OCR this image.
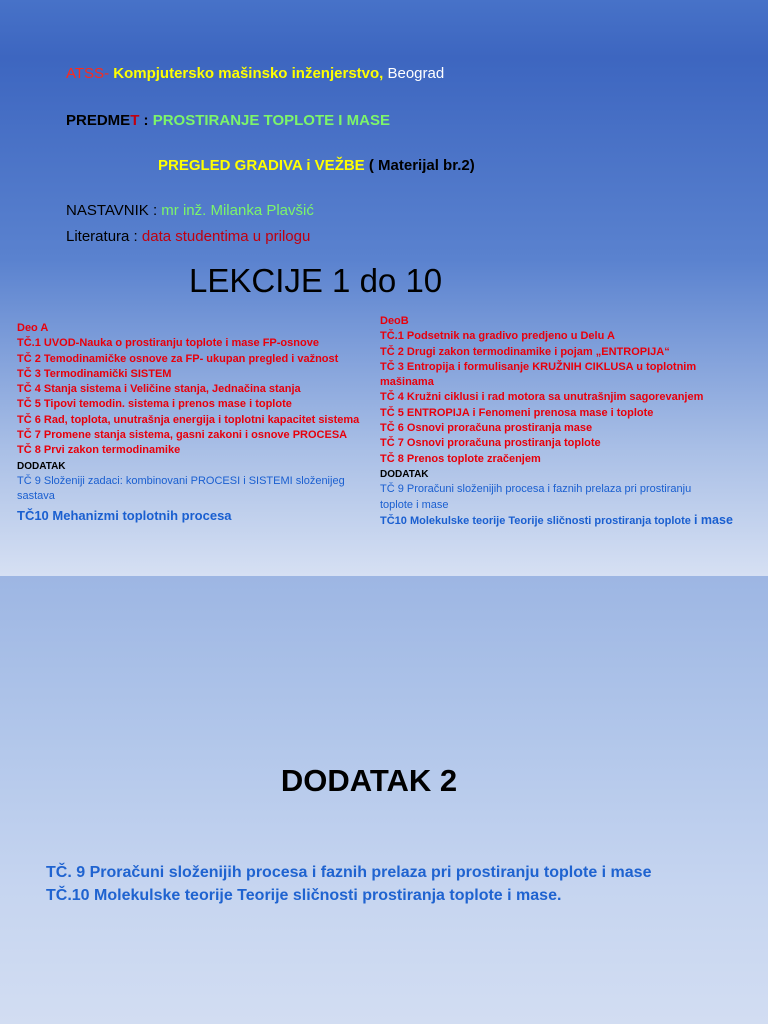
ATSS- Kompjutersko mašinsko inženjerstvo, Beograd
PREDMET : PROSTIRANJE TOPLOTE I MASE
PREGLED GRADIVA i VEŽBE ( Materijal br.2)
NASTAVNIK : mr inž. Milanka Plavšić
Literatura : data studentima u prilogu
LEKCIJE 1 do 10
Deo A
TČ.1 UVOD-Nauka o prostiranju toplote i mase FP-osnove
TČ 2 Temodinamičke osnove za FP- ukupan pregled i važnost
TČ 3 Termodinamički SISTEM
TČ 4 Stanja sistema i Veličine stanja, Jednačina stanja
TČ 5 Tipovi temodin. sistema i prenos mase i toplote
TČ 6 Rad, toplota, unutrašnja energija i toplotni kapacitet sistema
TČ 7 Promene stanja sistema, gasni zakoni i osnove PROCESA
TČ 8 Prvi zakon termodinamike
DODATAK
TČ 9 Složeniji zadaci: kombinovani PROCESI i SISTEMI složenijeg sastava
TČ10 Mehanizmi toplotnih procesa
DeoB
TČ.1 Podsetnik na gradivo predjeno u Delu A
TČ 2 Drugi zakon termodinamike i pojam „ENTROPIJA“
TČ 3 Entropija i formulisanje KRUŽNIH CIKLUSA u toplotnim mašinama
TČ 4 Kružni ciklusi i rad motora sa unutrašnjim sagorevanjem
TČ 5 ENTROPIJA i Fenomeni prenosa mase i toplote
TČ 6 Osnovi proračuna prostiranja mase
TČ 7 Osnovi proračuna prostiranja toplote
TČ 8 Prenos toplote zračenjem
DODATAK
TČ 9 Proračuni složenijih procesa i faznih prelaza pri prostiranju toplote i mase
TČ10 Molekulske teorije Teorije sličnosti prostiranja toplote i mase
DODATAK 2
TČ. 9 Proračuni složenijih procesa i faznih prelaza pri prostiranju toplote i mase
TČ.10 Molekulske teorije Teorije sličnosti prostiranja toplote i mase.
